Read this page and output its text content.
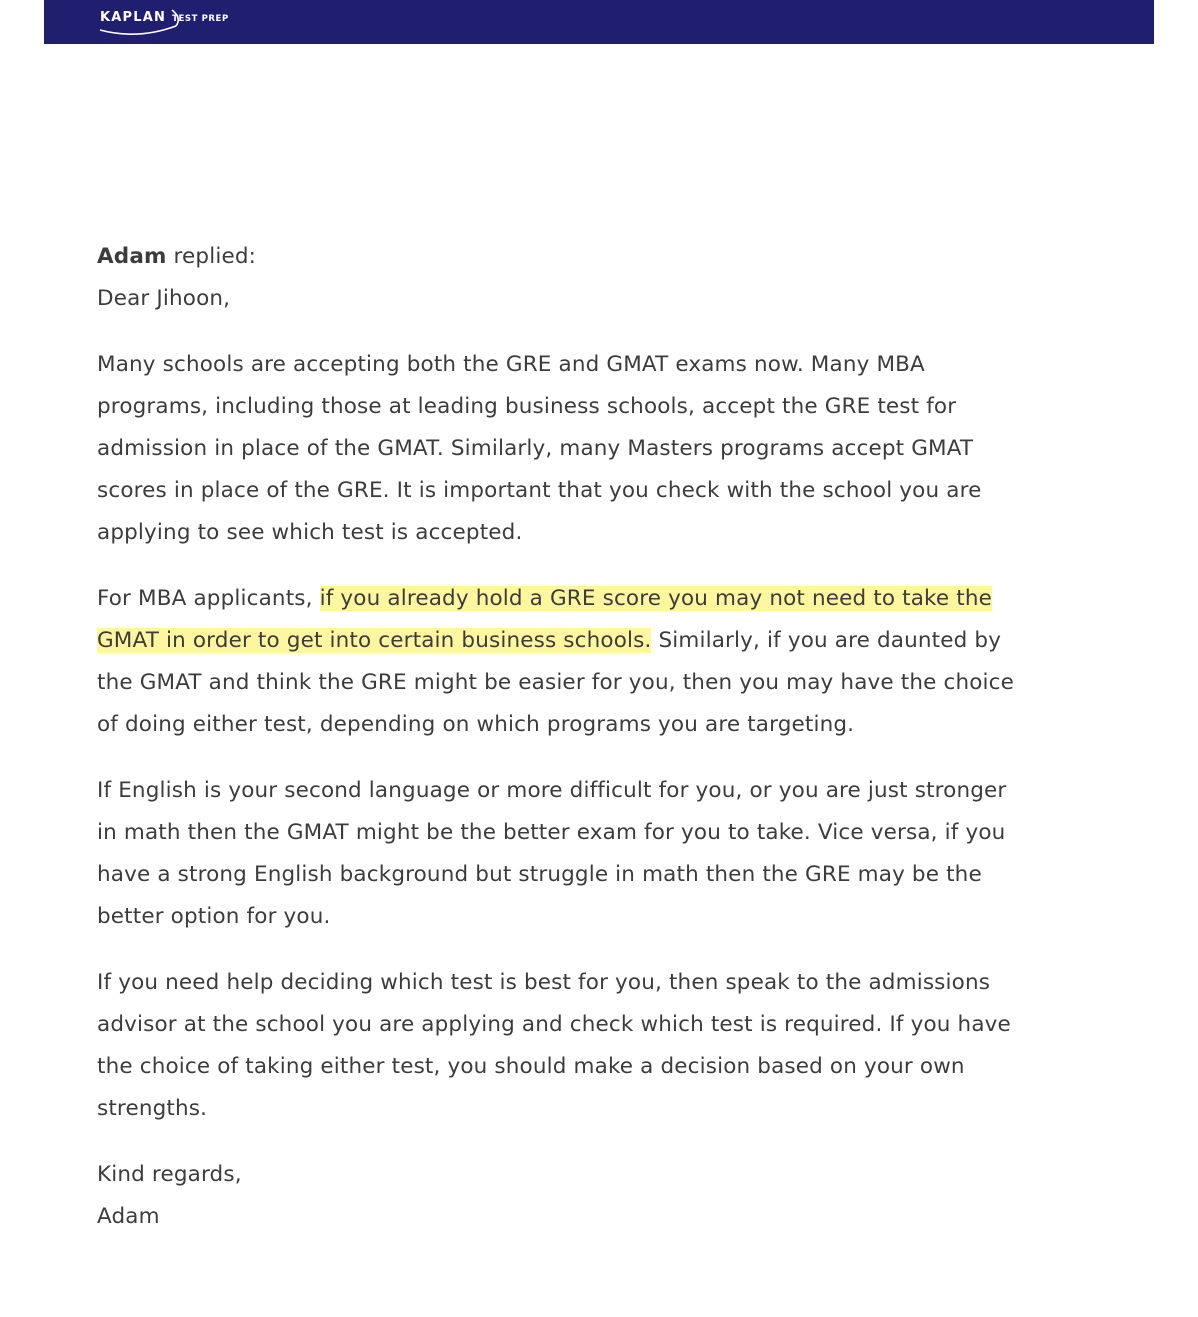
KAPLAN TEST PREP

Adam replied:

Dear Jihoon,

Many schools are accepting both the GRE and GMAT exams now. Many MBA programs, including those at leading business schools, accept the GRE test for admission in place of the GMAT. Similarly, many Masters programs accept GMAT scores in place of the GRE. It is important that you check with the school you are applying to see which test is accepted.

For MBA applicants, if you already hold a GRE score you may not need to take the GMAT in order to get into certain business schools. Similarly, if you are daunted by the GMAT and think the GRE might be easier for you, then you may have the choice of doing either test, depending on which programs you are targeting.

If English is your second language or more difficult for you, or you are just stronger in math then the GMAT might be the better exam for you to take. Vice versa, if you have a strong English background but struggle in math then the GRE may be the better option for you.

If you need help deciding which test is best for you, then speak to the admissions advisor at the school you are applying and check which test is required. If you have the choice of taking either test, you should make a decision based on your own strengths.

Kind regards,

Adam
